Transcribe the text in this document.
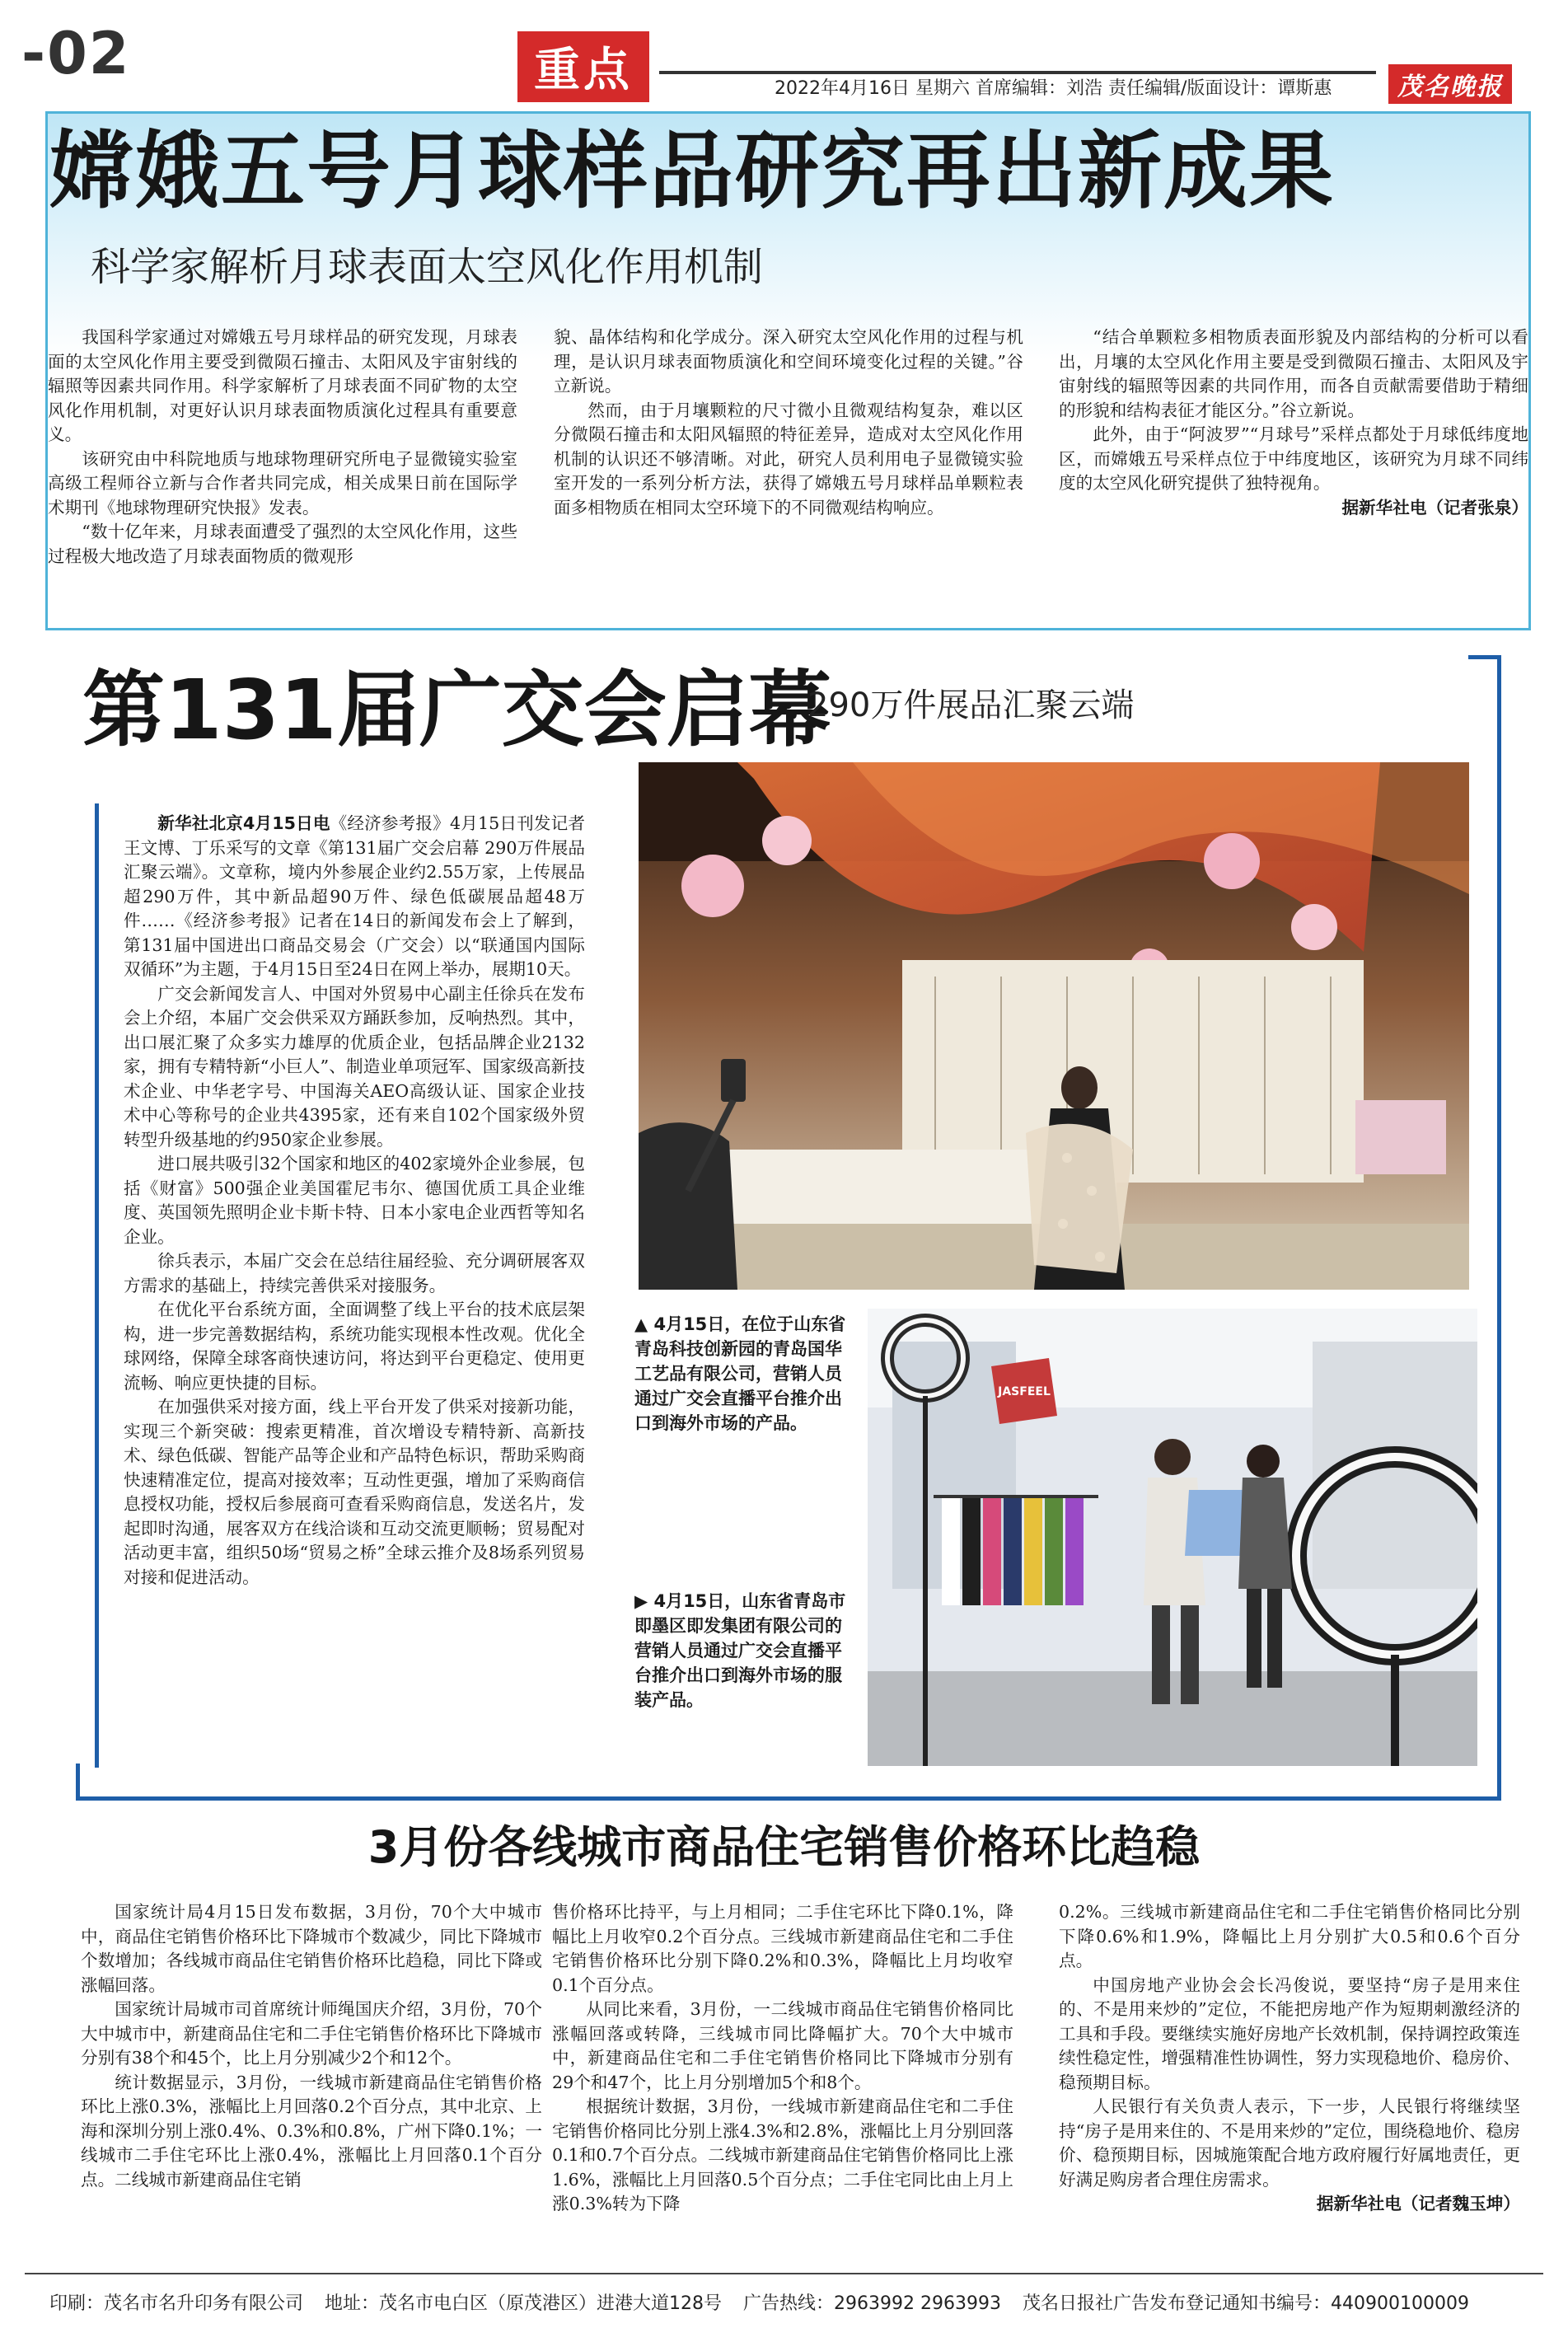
-02	重点	2022年4月16日 星期六 首席编辑：刘浩 责任编辑/版面设计：谭斯惠	茂名晚报
嫦娥五号月球样品研究再出新成果
科学家解析月球表面太空风化作用机制

我国科学家通过对嫦娥五号月球样品的研究发现，月球表面的太空风化作用主要受到微陨石撞击、太阳风及宇宙射线的辐照等因素共同作用。科学家解析了月球表面不同矿物的太空风化作用机制，对更好认识月球表面物质演化过程具有重要意义。

该研究由中科院地质与地球物理研究所电子显微镜实验室高级工程师谷立新与合作者共同完成，相关成果日前在国际学术期刊《地球物理研究快报》发表。

“数十亿年来，月球表面遭受了强烈的太空风化作用，这些过程极大地改造了月球表面物质的微观形

貌、晶体结构和化学成分。深入研究太空风化作用的过程与机理，是认识月球表面物质演化和空间环境变化过程的关键。”谷立新说。

然而，由于月壤颗粒的尺寸微小且微观结构复杂，难以区分微陨石撞击和太阳风辐照的特征差异，造成对太空风化作用机制的认识还不够清晰。对此，研究人员利用电子显微镜实验室开发的一系列分析方法，获得了嫦娥五号月球样品单颗粒表面多相物质在相同太空环境下的不同微观结构响应。

“结合单颗粒多相物质表面形貌及内部结构的分析可以看出，月壤的太空风化作用主要是受到微陨石撞击、太阳风及宇宙射线的辐照等因素的共同作用，而各自贡献需要借助于精细的形貌和结构表征才能区分。”谷立新说。

此外，由于“阿波罗”“月球号”采样点都处于月球低纬度地区，而嫦娥五号采样点位于中纬度地区，该研究为月球不同纬度的太空风化研究提供了独特视角。

据新华社电（记者张泉）

第131届广交会启幕
290万件展品汇聚云端

新华社北京4月15日电《经济参考报》4月15日刊发记者王文博、丁乐采写的文章《第131届广交会启幕 290万件展品汇聚云端》。文章称，境内外参展企业约2.55万家，上传展品超290万件，其中新品超90万件、绿色低碳展品超48万件……《经济参考报》记者在14日的新闻发布会上了解到，第131届中国进出口商品交易会（广交会）以“联通国内国际双循环”为主题，于4月15日至24日在网上举办，展期10天。

广交会新闻发言人、中国对外贸易中心副主任徐兵在发布会上介绍，本届广交会供采双方踊跃参加，反响热烈。其中，出口展汇聚了众多实力雄厚的优质企业，包括品牌企业2132家，拥有专精特新“小巨人”、制造业单项冠军、国家级高新技术企业、中华老字号、中国海关AEO高级认证、国家企业技术中心等称号的企业共4395家，还有来自102个国家级外贸转型升级基地的约950家企业参展。

进口展共吸引32个国家和地区的402家境外企业参展，包括《财富》500强企业美国霍尼韦尔、德国优质工具企业维度、英国领先照明企业卡斯卡特、日本小家电企业西哲等知名企业。

徐兵表示，本届广交会在总结往届经验、充分调研展客双方需求的基础上，持续完善供采对接服务。

在优化平台系统方面，全面调整了线上平台的技术底层架构，进一步完善数据结构，系统功能实现根本性改观。优化全球网络，保障全球客商快速访问，将达到平台更稳定、使用更流畅、响应更快捷的目标。

在加强供采对接方面，线上平台开发了供采对接新功能，实现三个新突破：搜索更精准，首次增设专精特新、高新技术、绿色低碳、智能产品等企业和产品特色标识，帮助采购商快速精准定位，提高对接效率；互动性更强，增加了采购商信息授权功能，授权后参展商可查看采购商信息，发送名片，发起即时沟通，展客双方在线洽谈和互动交流更顺畅；贸易配对活动更丰富，组织50场“贸易之桥”全球云推介及8场系列贸易对接和促进活动。

JASFEEL
▲ 4月15日，在位于山东省青岛科技创新园的青岛国华工艺品有限公司，营销人员通过广交会直播平台推介出口到海外市场的产品。
▶ 4月15日，山东省青岛市即墨区即发集团有限公司的营销人员通过广交会直播平台推介出口到海外市场的服装产品。
3月份各线城市商品住宅销售价格环比趋稳

国家统计局4月15日发布数据，3月份，70个大中城市中，商品住宅销售价格环比下降城市个数减少，同比下降城市个数增加；各线城市商品住宅销售价格环比趋稳，同比下降或涨幅回落。

国家统计局城市司首席统计师绳国庆介绍，3月份，70个大中城市中，新建商品住宅和二手住宅销售价格环比下降城市分别有38个和45个，比上月分别减少2个和12个。

统计数据显示，3月份，一线城市新建商品住宅销售价格环比上涨0.3%，涨幅比上月回落0.2个百分点，其中北京、上海和深圳分别上涨0.4%、0.3%和0.8%，广州下降0.1%；一线城市二手住宅环比上涨0.4%，涨幅比上月回落0.1个百分点。二线城市新建商品住宅销

售价格环比持平，与上月相同；二手住宅环比下降0.1%，降幅比上月收窄0.2个百分点。三线城市新建商品住宅和二手住宅销售价格环比分别下降0.2%和0.3%，降幅比上月均收窄0.1个百分点。

从同比来看，3月份，一二线城市商品住宅销售价格同比涨幅回落或转降，三线城市同比降幅扩大。70个大中城市中，新建商品住宅和二手住宅销售价格同比下降城市分别有29个和47个，比上月分别增加5个和8个。

根据统计数据，3月份，一线城市新建商品住宅和二手住宅销售价格同比分别上涨4.3%和2.8%，涨幅比上月分别回落0.1和0.7个百分点。二线城市新建商品住宅销售价格同比上涨1.6%，涨幅比上月回落0.5个百分点；二手住宅同比由上月上涨0.3%转为下降

0.2%。三线城市新建商品住宅和二手住宅销售价格同比分别下降0.6%和1.9%，降幅比上月分别扩大0.5和0.6个百分点。

中国房地产业协会会长冯俊说，要坚持“房子是用来住的、不是用来炒的”定位，不能把房地产作为短期刺激经济的工具和手段。要继续实施好房地产长效机制，保持调控政策连续性稳定性，增强精准性协调性，努力实现稳地价、稳房价、稳预期目标。

人民银行有关负责人表示，下一步，人民银行将继续坚持“房子是用来住的、不是用来炒的”定位，围绕稳地价、稳房价、稳预期目标，因城施策配合地方政府履行好属地责任，更好满足购房者合理住房需求。

据新华社电（记者魏玉坤）

印刷：茂名市名升印务有限公司 地址：茂名市电白区（原茂港区）进港大道128号 广告热线：2963992 2963993 茂名日报社广告发布登记通知书编号：440900100009
